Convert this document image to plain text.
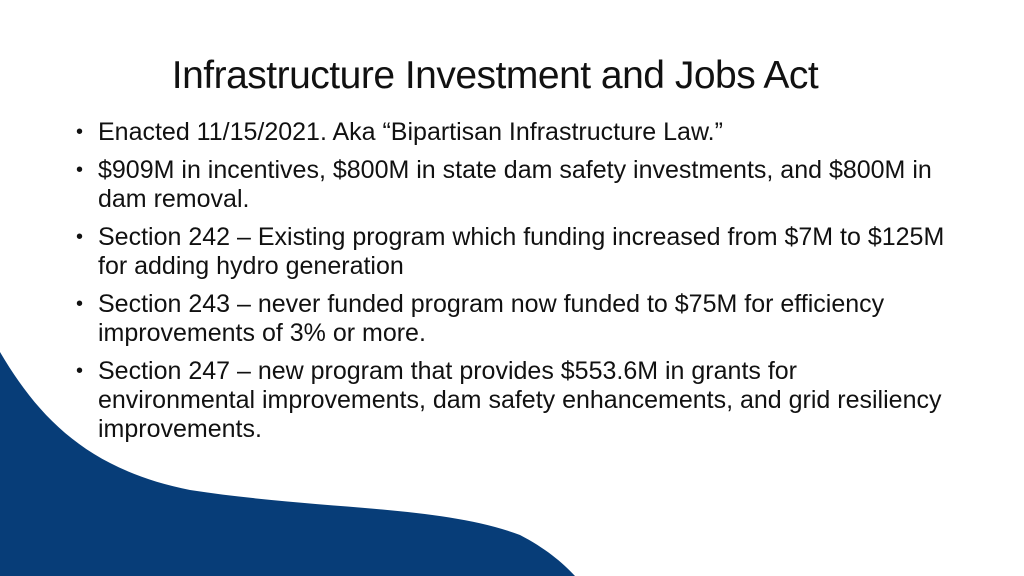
Infrastructure Investment and Jobs Act
• Enacted 11/15/2021. Aka “Bipartisan Infrastructure Law.”
• $909M in incentives, $800M in state dam safety investments, and $800M in dam removal.
• Section 242 – Existing program which funding increased from $7M to $125M for adding hydro generation
• Section 243 – never funded program now funded to $75M for efficiency improvements of 3% or more.
• Section 247 – new program that provides $553.6M in grants for environmental improvements, dam safety enhancements, and grid resiliency improvements.
